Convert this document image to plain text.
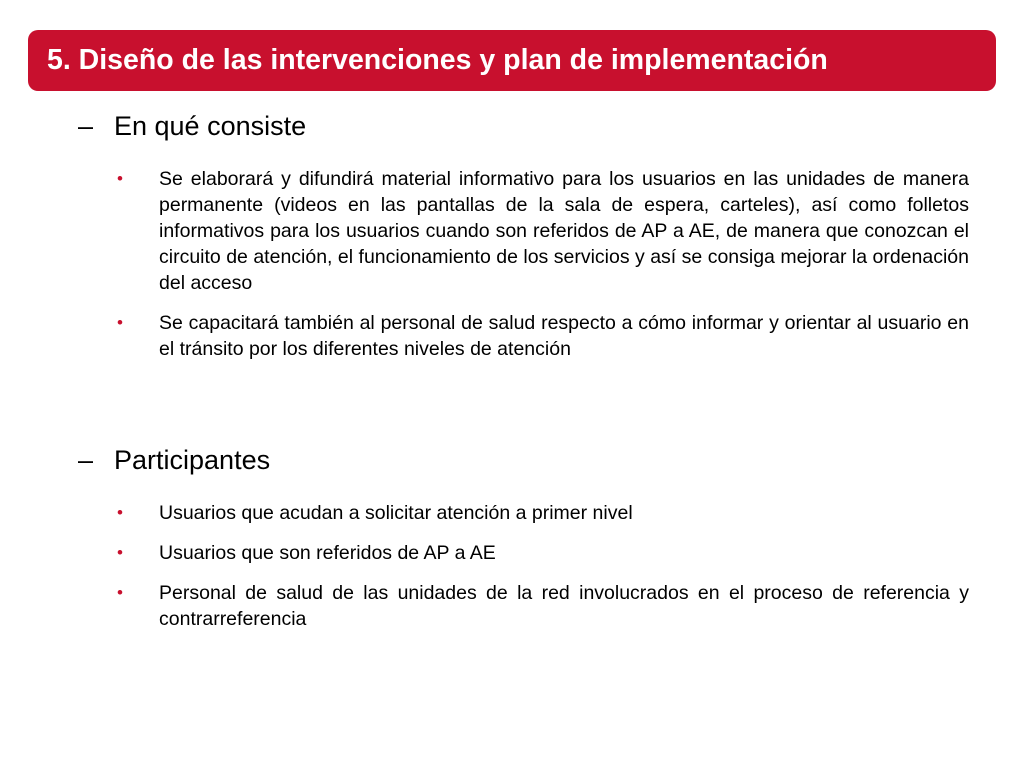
5. Diseño de las intervenciones y plan de implementación
– En qué consiste
• Se elaborará y difundirá material informativo para los usuarios en las unidades de manera permanente (videos en las pantallas de la sala de espera, carteles), así como folletos informativos para los usuarios cuando son referidos de AP a AE, de manera que conozcan el circuito de atención, el funcionamiento de los servicios y así se consiga mejorar la ordenación del acceso
• Se capacitará también al personal de salud respecto a cómo informar y orientar al usuario en el tránsito por los diferentes niveles de atención
– Participantes
• Usuarios que acudan a solicitar atención a primer nivel
• Usuarios que son referidos de AP a AE
• Personal de salud de las unidades de la red involucrados en el proceso de referencia y contrarreferencia
